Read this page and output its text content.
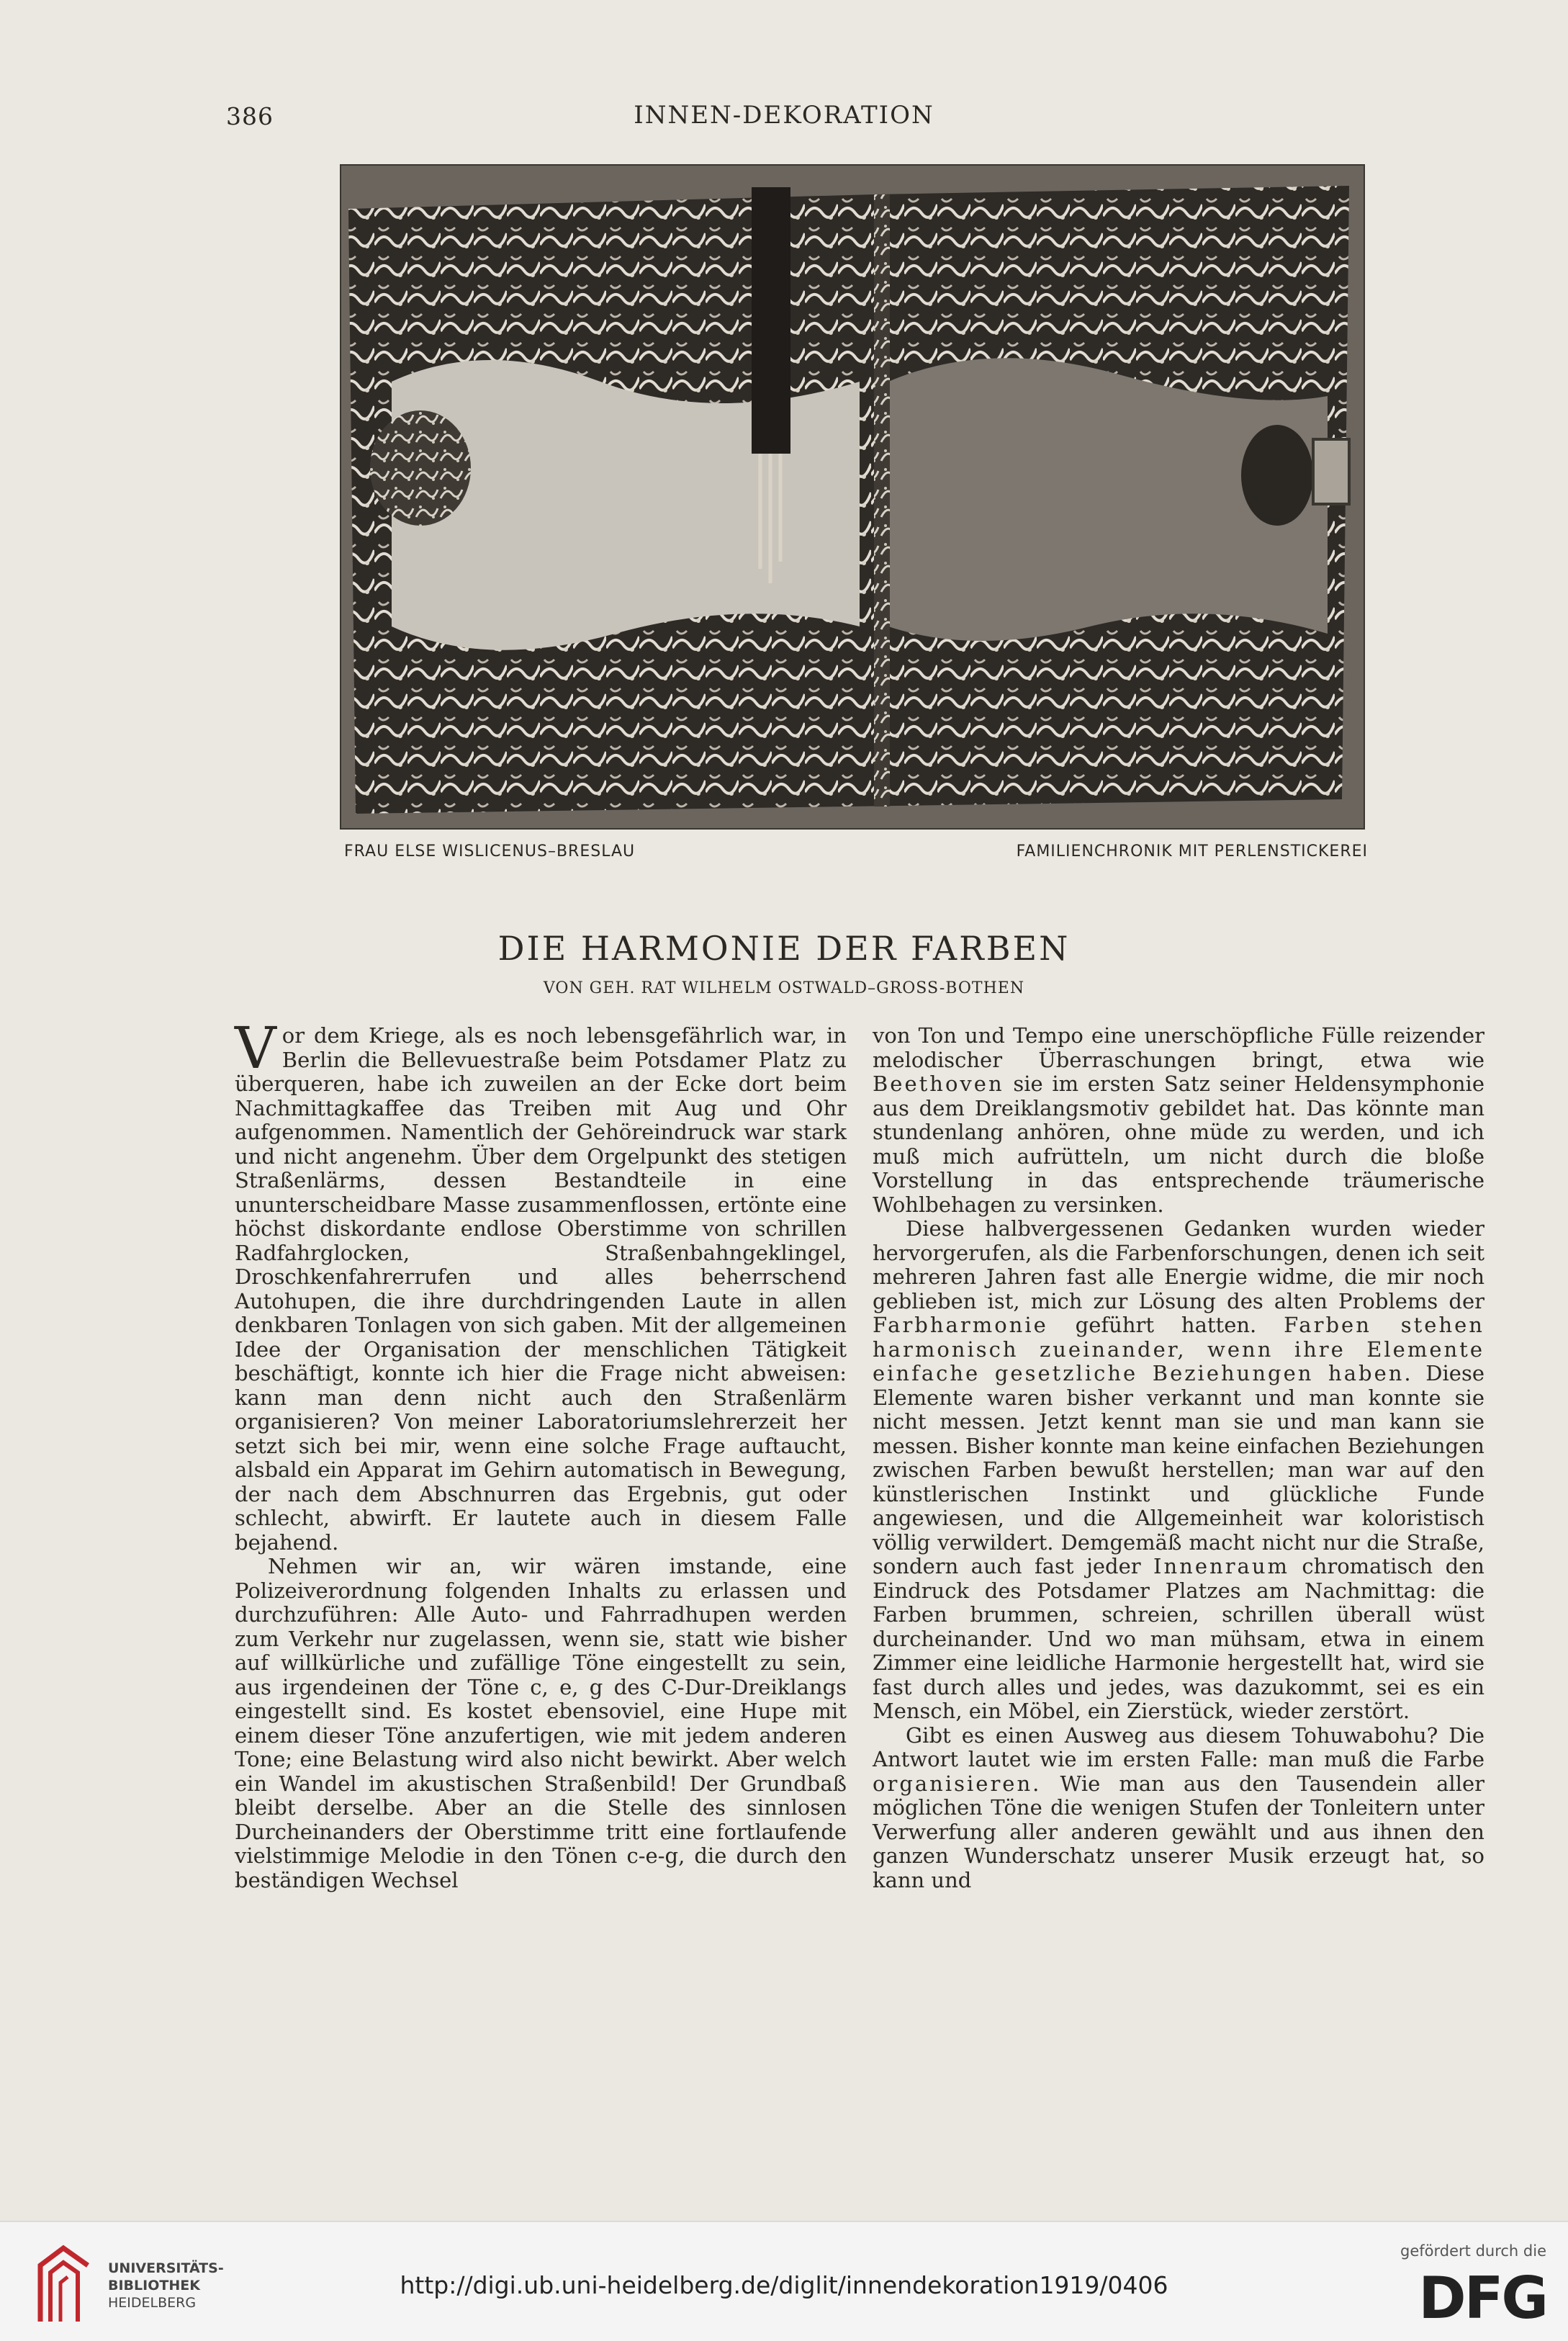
386	INNEN-DEKORATION
FRAU ELSE WISLICENUS–BRESLAU	FAMILIENCHRONIK MIT PERLENSTICKEREI
DIE HARMONIE DER FARBEN
VON GEH. RAT WILHELM OSTWALD–GROSS-BOTHEN

Vor dem Kriege, als es noch lebensgefährlich war, in Berlin die Bellevuestraße beim Potsdamer Platz zu überqueren, habe ich zuweilen an der Ecke dort beim Nachmittagkaffee das Treiben mit Aug und Ohr aufgenommen. Namentlich der Gehöreindruck war stark und nicht angenehm. Über dem Orgelpunkt des stetigen Straßenlärms, dessen Bestandteile in eine ununterscheidbare Masse zusammenflossen, ertönte eine höchst diskordante endlose Oberstimme von schrillen Radfahrglocken, Straßenbahngeklingel, Droschkenfahrerrufen und alles beherrschend Autohupen, die ihre durchdringenden Laute in allen denkbaren Tonlagen von sich gaben. Mit der allgemeinen Idee der Organisation der menschlichen Tätigkeit beschäftigt, konnte ich hier die Frage nicht abweisen: kann man denn nicht auch den Straßenlärm organisieren? Von meiner Laboratoriumslehrerzeit her setzt sich bei mir, wenn eine solche Frage auftaucht, alsbald ein Apparat im Gehirn automatisch in Bewegung, der nach dem Abschnurren das Ergebnis, gut oder schlecht, abwirft. Er lautete auch in diesem Falle bejahend.

Nehmen wir an, wir wären imstande, eine Polizeiverordnung folgenden Inhalts zu erlassen und durchzuführen: Alle Auto- und Fahrradhupen werden zum Verkehr nur zugelassen, wenn sie, statt wie bisher auf willkürliche und zufällige Töne eingestellt zu sein, aus irgendeinen der Töne c, e, g des C-Dur-Dreiklangs eingestellt sind. Es kostet ebensoviel, eine Hupe mit einem dieser Töne anzufertigen, wie mit jedem anderen Tone; eine Belastung wird also nicht bewirkt. Aber welch ein Wandel im akustischen Straßenbild! Der Grundbaß bleibt derselbe. Aber an die Stelle des sinnlosen Durcheinanders der Oberstimme tritt eine fortlaufende vielstimmige Melodie in den Tönen c-e-g, die durch den beständigen Wechsel

von Ton und Tempo eine unerschöpfliche Fülle reizender melodischer Überraschungen bringt, etwa wie Beethoven sie im ersten Satz seiner Heldensymphonie aus dem Dreiklangsmotiv gebildet hat. Das könnte man stundenlang anhören, ohne müde zu werden, und ich muß mich aufrütteln, um nicht durch die bloße Vorstellung in das entsprechende träumerische Wohlbehagen zu versinken.

Diese halbvergessenen Gedanken wurden wieder hervorgerufen, als die Farbenforschungen, denen ich seit mehreren Jahren fast alle Energie widme, die mir noch geblieben ist, mich zur Lösung des alten Problems der Farbharmonie geführt hatten. Farben stehen harmonisch zueinander, wenn ihre Elemente einfache gesetzliche Beziehungen haben. Diese Elemente waren bisher verkannt und man konnte sie nicht messen. Jetzt kennt man sie und man kann sie messen. Bisher konnte man keine einfachen Beziehungen zwischen Farben bewußt herstellen; man war auf den künstlerischen Instinkt und glückliche Funde angewiesen, und die Allgemeinheit war koloristisch völlig verwildert. Demgemäß macht nicht nur die Straße, sondern auch fast jeder Innenraum chromatisch den Eindruck des Potsdamer Platzes am Nachmittag: die Farben brummen, schreien, schrillen überall wüst durcheinander. Und wo man mühsam, etwa in einem Zimmer eine leidliche Harmonie hergestellt hat, wird sie fast durch alles und jedes, was dazukommt, sei es ein Mensch, ein Möbel, ein Zierstück, wieder zerstört.

Gibt es einen Ausweg aus diesem Tohuwabohu? Die Antwort lautet wie im ersten Falle: man muß die Farbe organisieren. Wie man aus den Tausendein aller möglichen Töne die wenigen Stufen der Tonleitern unter Verwerfung aller anderen gewählt und aus ihnen den ganzen Wunderschatz unserer Musik erzeugt hat, so kann und

UNIVERSITÄTS-
BIBLIOTHEK
HEIDELBERG
http://digi.ub.uni-heidelberg.de/diglit/innendekoration1919/0406
gefördert durch die
DFG
